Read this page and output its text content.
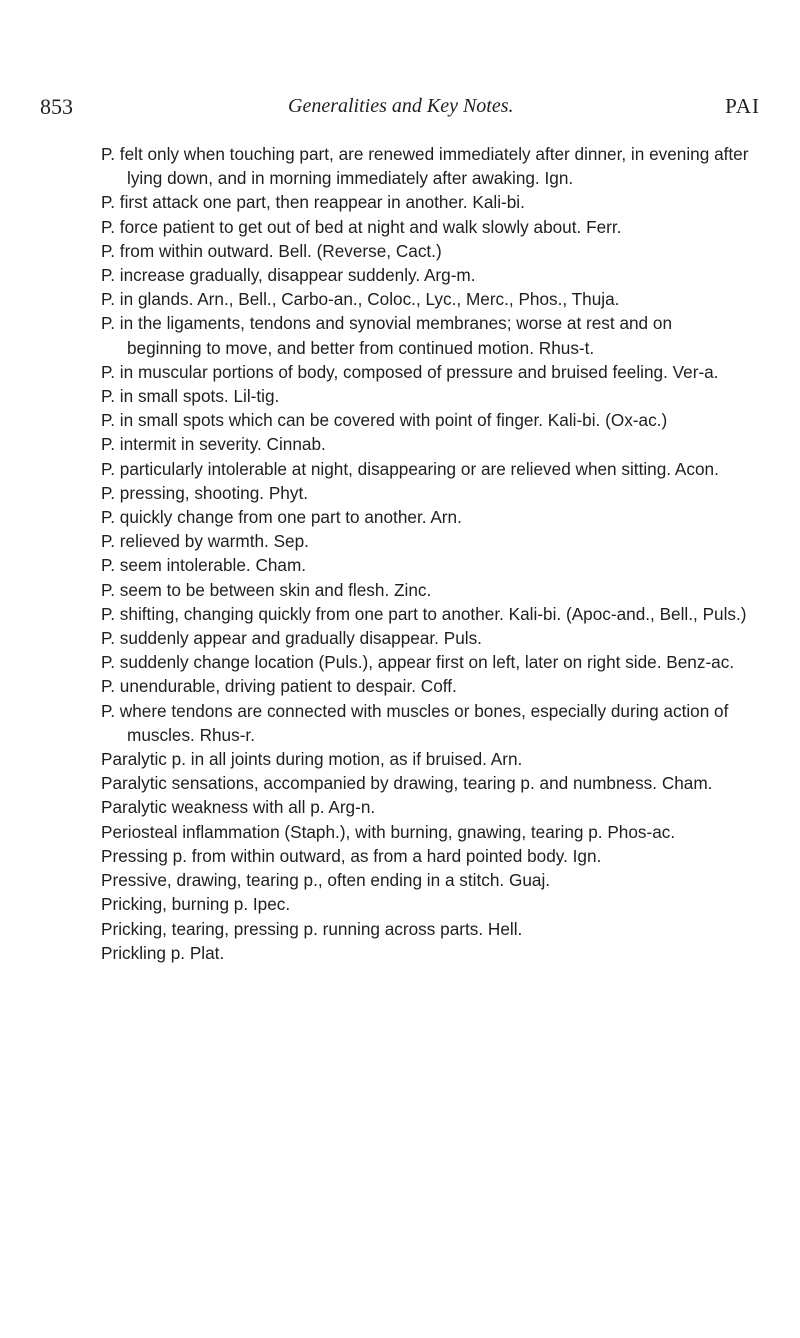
853	Generalities and Key Notes.	PAI
P. felt only when touching part, are renewed immediately after dinner, in evening after lying down, and in morning immediately after awaking. Ign.
P. first attack one part, then reappear in another. Kali-bi.
P. force patient to get out of bed at night and walk slowly about. Ferr.
P. from within outward. Bell. (Reverse, Cact.)
P. increase gradually, disappear suddenly. Arg-m.
P. in glands. Arn., Bell., Carbo-an., Coloc., Lyc., Merc., Phos., Thuja.
P. in the ligaments, tendons and synovial membranes; worse at rest and on beginning to move, and better from continued motion. Rhus-t.
P. in muscular portions of body, composed of pressure and bruised feeling. Ver-a.
P. in small spots. Lil-tig.
P. in small spots which can be covered with point of finger. Kali-bi. (Ox-ac.)
P. intermit in severity. Cinnab.
P. particularly intolerable at night, disappearing or are relieved when sitting. Acon.
P. pressing, shooting. Phyt.
P. quickly change from one part to another. Arn.
P. relieved by warmth. Sep.
P. seem intolerable. Cham.
P. seem to be between skin and flesh. Zinc.
P. shifting, changing quickly from one part to another. Kali-bi. (Apoc-and., Bell., Puls.)
P. suddenly appear and gradually disappear. Puls.
P. suddenly change location (Puls.), appear first on left, later on right side. Benz-ac.
P. unendurable, driving patient to despair. Coff.
P. where tendons are connected with muscles or bones, especially during action of muscles. Rhus-r.
Paralytic p. in all joints during motion, as if bruised. Arn.
Paralytic sensations, accompanied by drawing, tearing p. and numbness. Cham.
Paralytic weakness with all p. Arg-n.
Periosteal inflammation (Staph.), with burning, gnawing, tearing p. Phos-ac.
Pressing p. from within outward, as from a hard pointed body. Ign.
Pressive, drawing, tearing p., often ending in a stitch. Guaj.
Pricking, burning p. Ipec.
Pricking, tearing, pressing p. running across parts. Hell.
Prickling p. Plat.
